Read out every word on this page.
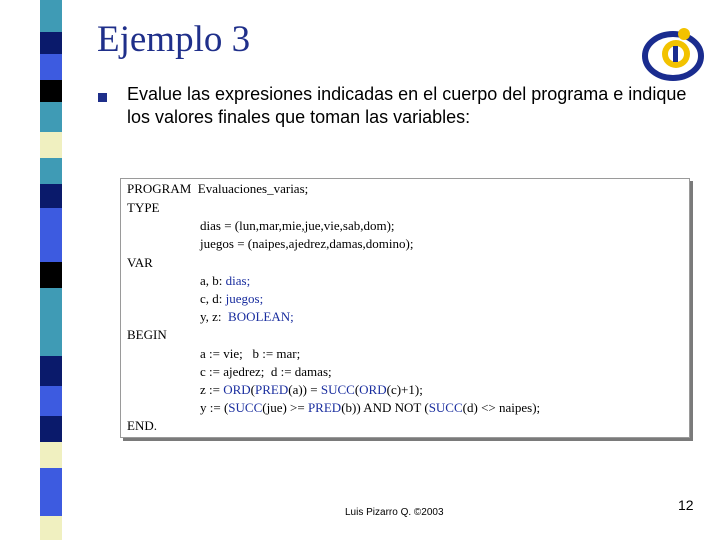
Ejemplo 3
Evalue las expresiones indicadas en el cuerpo del programa e indique los valores finales que toman las variables:
PROGRAM Evaluaciones_varias;
TYPE
dias = (lun,mar,mie,jue,vie,sab,dom);
juegos = (naipes,ajedrez,damas,domino);
VAR
a, b: dias;
c, d: juegos;
y, z: BOOLEAN;
BEGIN
a := vie;   b := mar;
c := ajedrez;  d := damas;
z := ORD(PRED(a)) = SUCC(ORD(c)+1);
y := (SUCC(jue) >= PRED(b)) AND NOT (SUCC(d) <> naipes);
END.
Luis Pizarro Q. ©2003	12
